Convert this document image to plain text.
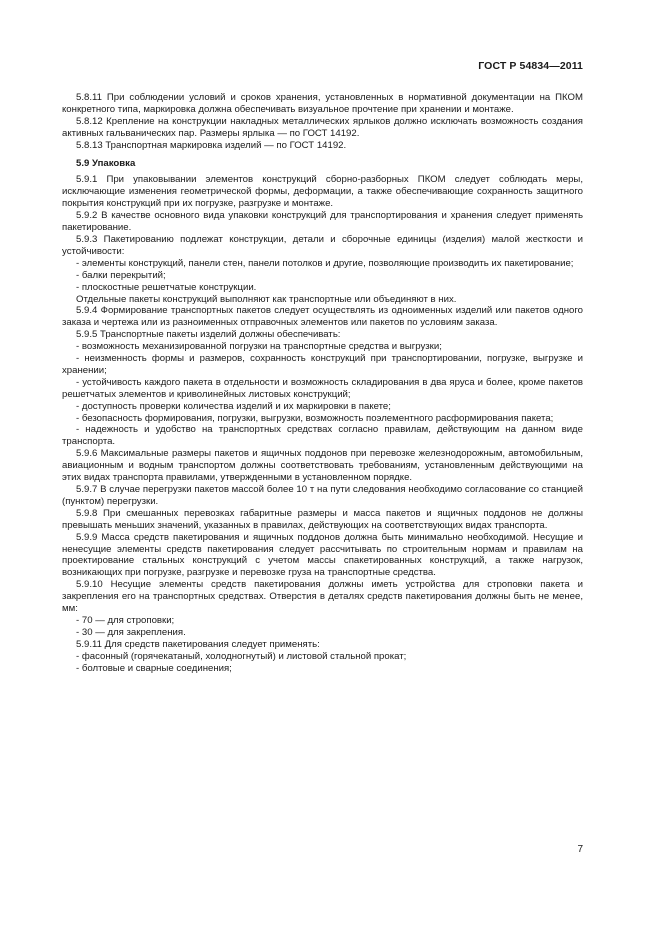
ГОСТ Р 54834—2011

5.8.11 При соблюдении условий и сроков хранения, установленных в нормативной документации на ПКОМ конкретного типа, маркировка должна обеспечивать визуальное прочтение при хранении и монтаже.

5.8.12 Крепление на конструкции накладных металлических ярлыков должно исключать возможность создания активных гальванических пар. Размеры ярлыка — по ГОСТ 14192.

5.8.13 Транспортная маркировка изделий — по ГОСТ 14192.

5.9 Упаковка

5.9.1 При упаковывании элементов конструкций сборно-разборных ПКОМ следует соблюдать меры, исключающие изменения геометрической формы, деформации, а также обеспечивающие сохранность защитного покрытия конструкций при их погрузке, разгрузке и монтаже.

5.9.2 В качестве основного вида упаковки конструкций для транспортирования и хранения следует применять пакетирование.

5.9.3 Пакетированию подлежат конструкции, детали и сборочные единицы (изделия) малой жесткости и устойчивости:

- элементы конструкций, панели стен, панели потолков и другие, позволяющие производить их пакетирование;

- балки перекрытий;

- плоскостные решетчатые конструкции.

Отдельные пакеты конструкций выполняют как транспортные или объединяют в них.

5.9.4 Формирование транспортных пакетов следует осуществлять из одноименных изделий или пакетов одного заказа и чертежа или из разноименных отправочных элементов или пакетов по условиям заказа.

5.9.5 Транспортные пакеты изделий должны обеспечивать:

- возможность механизированной погрузки на транспортные средства и выгрузки;

- неизменность формы и размеров, сохранность конструкций при транспортировании, погрузке, выгрузке и хранении;

- устойчивость каждого пакета в отдельности и возможность складирования в два яруса и более, кроме пакетов решетчатых элементов и криволинейных листовых конструкций;

- доступность проверки количества изделий и их маркировки в пакете;

- безопасность формирования, погрузки, выгрузки, возможность поэлементного расформирования пакета;

- надежность и удобство на транспортных средствах согласно правилам, действующим на данном виде транспорта.

5.9.6 Максимальные размеры пакетов и ящичных поддонов при перевозке железнодорожным, автомобильным, авиационным и водным транспортом должны соответствовать требованиям, установленным действующими на этих видах транспорта правилами, утвержденными в установленном порядке.

5.9.7 В случае перегрузки пакетов массой более 10 т на пути следования необходимо согласование со станцией (пунктом) перегрузки.

5.9.8 При смешанных перевозках габаритные размеры и масса пакетов и ящичных поддонов не должны превышать меньших значений, указанных в правилах, действующих на соответствующих видах транспорта.

5.9.9 Масса средств пакетирования и ящичных поддонов должна быть минимально необходимой. Несущие и ненесущие элементы средств пакетирования следует рассчитывать по строительным нормам и правилам на проектирование стальных конструкций с учетом массы спакетированных конструкций, а также нагрузок, возникающих при погрузке, разгрузке и перевозке груза на транспортные средства.

5.9.10 Несущие элементы средств пакетирования должны иметь устройства для строповки пакета и закрепления его на транспортных средствах. Отверстия в деталях средств пакетирования должны быть не менее, мм:

- 70 — для строповки;

- 30 — для закрепления.

5.9.11 Для средств пакетирования следует применять:

- фасонный (горячекатаный, холодногнутый) и листовой стальной прокат;

- болтовые и сварные соединения;

7
